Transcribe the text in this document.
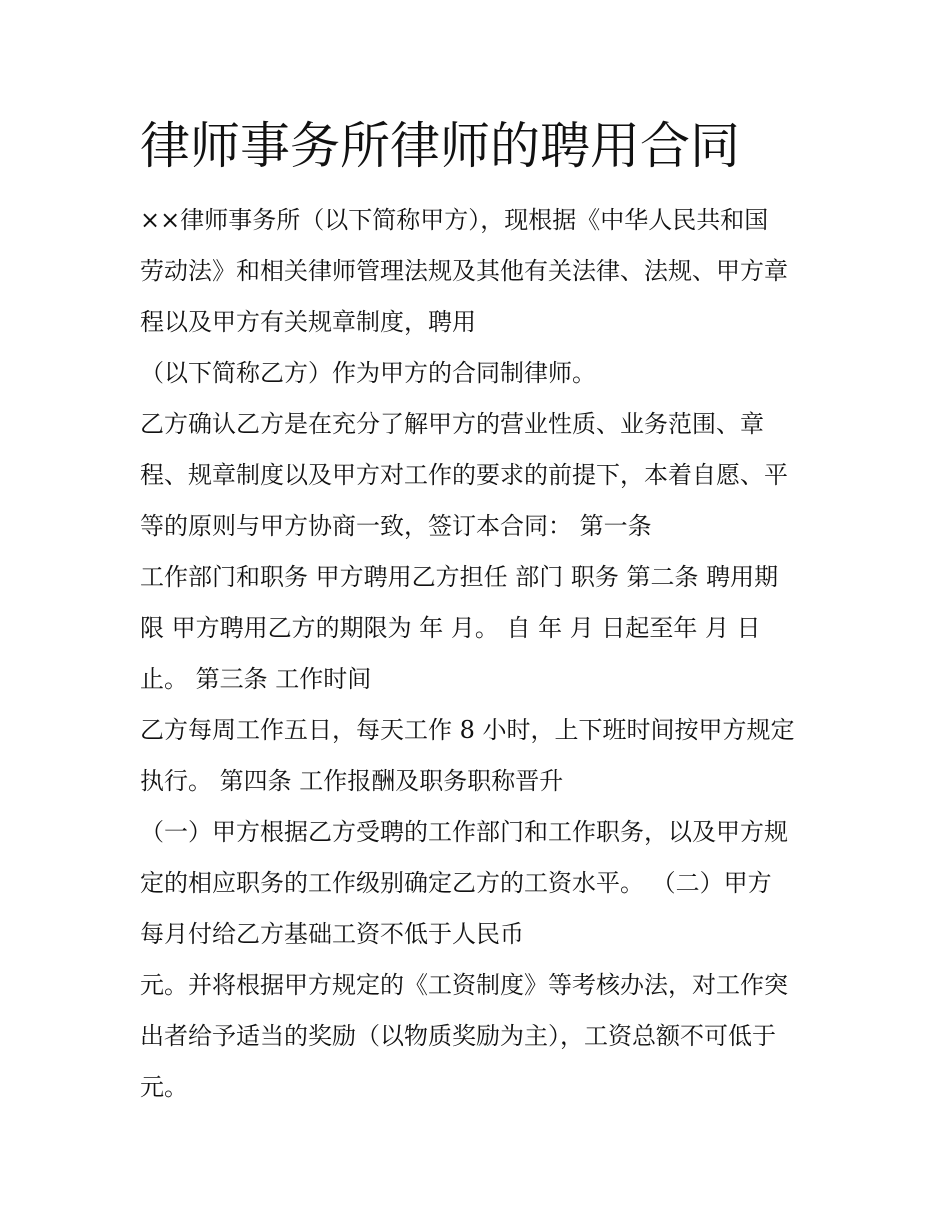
律师事务所律师的聘用合同

××律师事务所（以下简称甲方），现根据《中华人民共和国

劳动法》和相关律师管理法规及其他有关法律、法规、甲方章

程以及甲方有关规章制度，聘用

（以下简称乙方）作为甲方的合同制律师。

乙方确认乙方是在充分了解甲方的营业性质、业务范围、章

程、规章制度以及甲方对工作的要求的前提下，本着自愿、平

等的原则与甲方协商一致，签订本合同： 第一条

工作部门和职务 甲方聘用乙方担任 部门 职务 第二条 聘用期

限 甲方聘用乙方的期限为 年 月。 自 年 月 日起至年 月 日

止。 第三条 工作时间

乙方每周工作五日，每天工作 8 小时，上下班时间按甲方规定

执行。 第四条 工作报酬及职务职称晋升

（一）甲方根据乙方受聘的工作部门和工作职务，以及甲方规

定的相应职务的工作级别确定乙方的工资水平。 （二）甲方

每月付给乙方基础工资不低于人民币

元。并将根据甲方规定的《工资制度》等考核办法，对工作突

出者给予适当的奖励（以物质奖励为主），工资总额不可低于

元。
